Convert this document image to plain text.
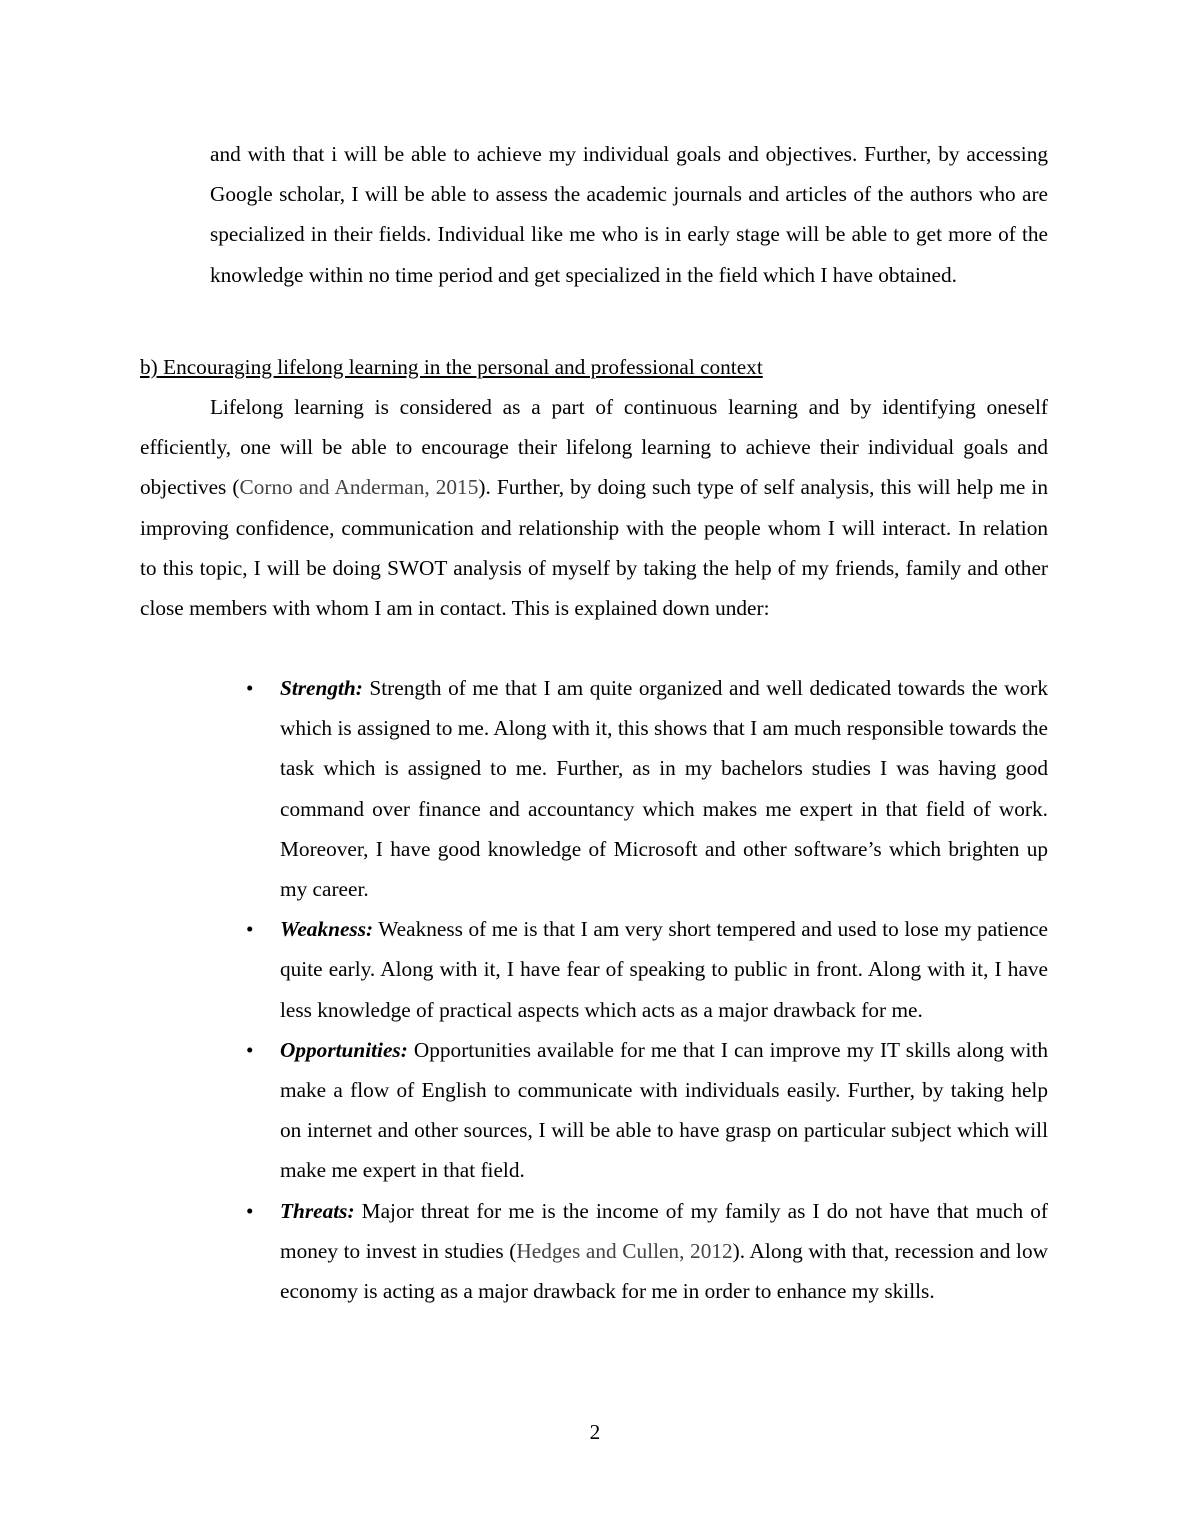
and with that i will be able to achieve my individual goals and objectives. Further, by accessing Google scholar, I will be able to assess the academic journals and articles of the authors who are specialized in their fields. Individual like me who is in early stage will be able to get more of the knowledge within no time period and get specialized in the field which I have obtained.

b) Encouraging lifelong learning in the personal and professional context

Lifelong learning is considered as a part of continuous learning and by identifying oneself efficiently, one will be able to encourage their lifelong learning to achieve their individual goals and objectives (Corno and Anderman, 2015). Further, by doing such type of self analysis, this will help me in improving confidence, communication and relationship with the people whom I will interact. In relation to this topic, I will be doing SWOT analysis of myself by taking the help of my friends, family and other close members with whom I am in contact. This is explained down under:

• Strength: Strength of me that I am quite organized and well dedicated towards the work which is assigned to me. Along with it, this shows that I am much responsible towards the task which is assigned to me. Further, as in my bachelors studies I was having good command over finance and accountancy which makes me expert in that field of work. Moreover, I have good knowledge of Microsoft and other software’s which brighten up my career.
• Weakness: Weakness of me is that I am very short tempered and used to lose my patience quite early. Along with it, I have fear of speaking to public in front. Along with it, I have less knowledge of practical aspects which acts as a major drawback for me.
• Opportunities: Opportunities available for me that I can improve my IT skills along with make a flow of English to communicate with individuals easily. Further, by taking help on internet and other sources, I will be able to have grasp on particular subject which will make me expert in that field.
• Threats: Major threat for me is the income of my family as I do not have that much of money to invest in studies (Hedges and Cullen, 2012). Along with that, recession and low economy is acting as a major drawback for me in order to enhance my skills.
2
